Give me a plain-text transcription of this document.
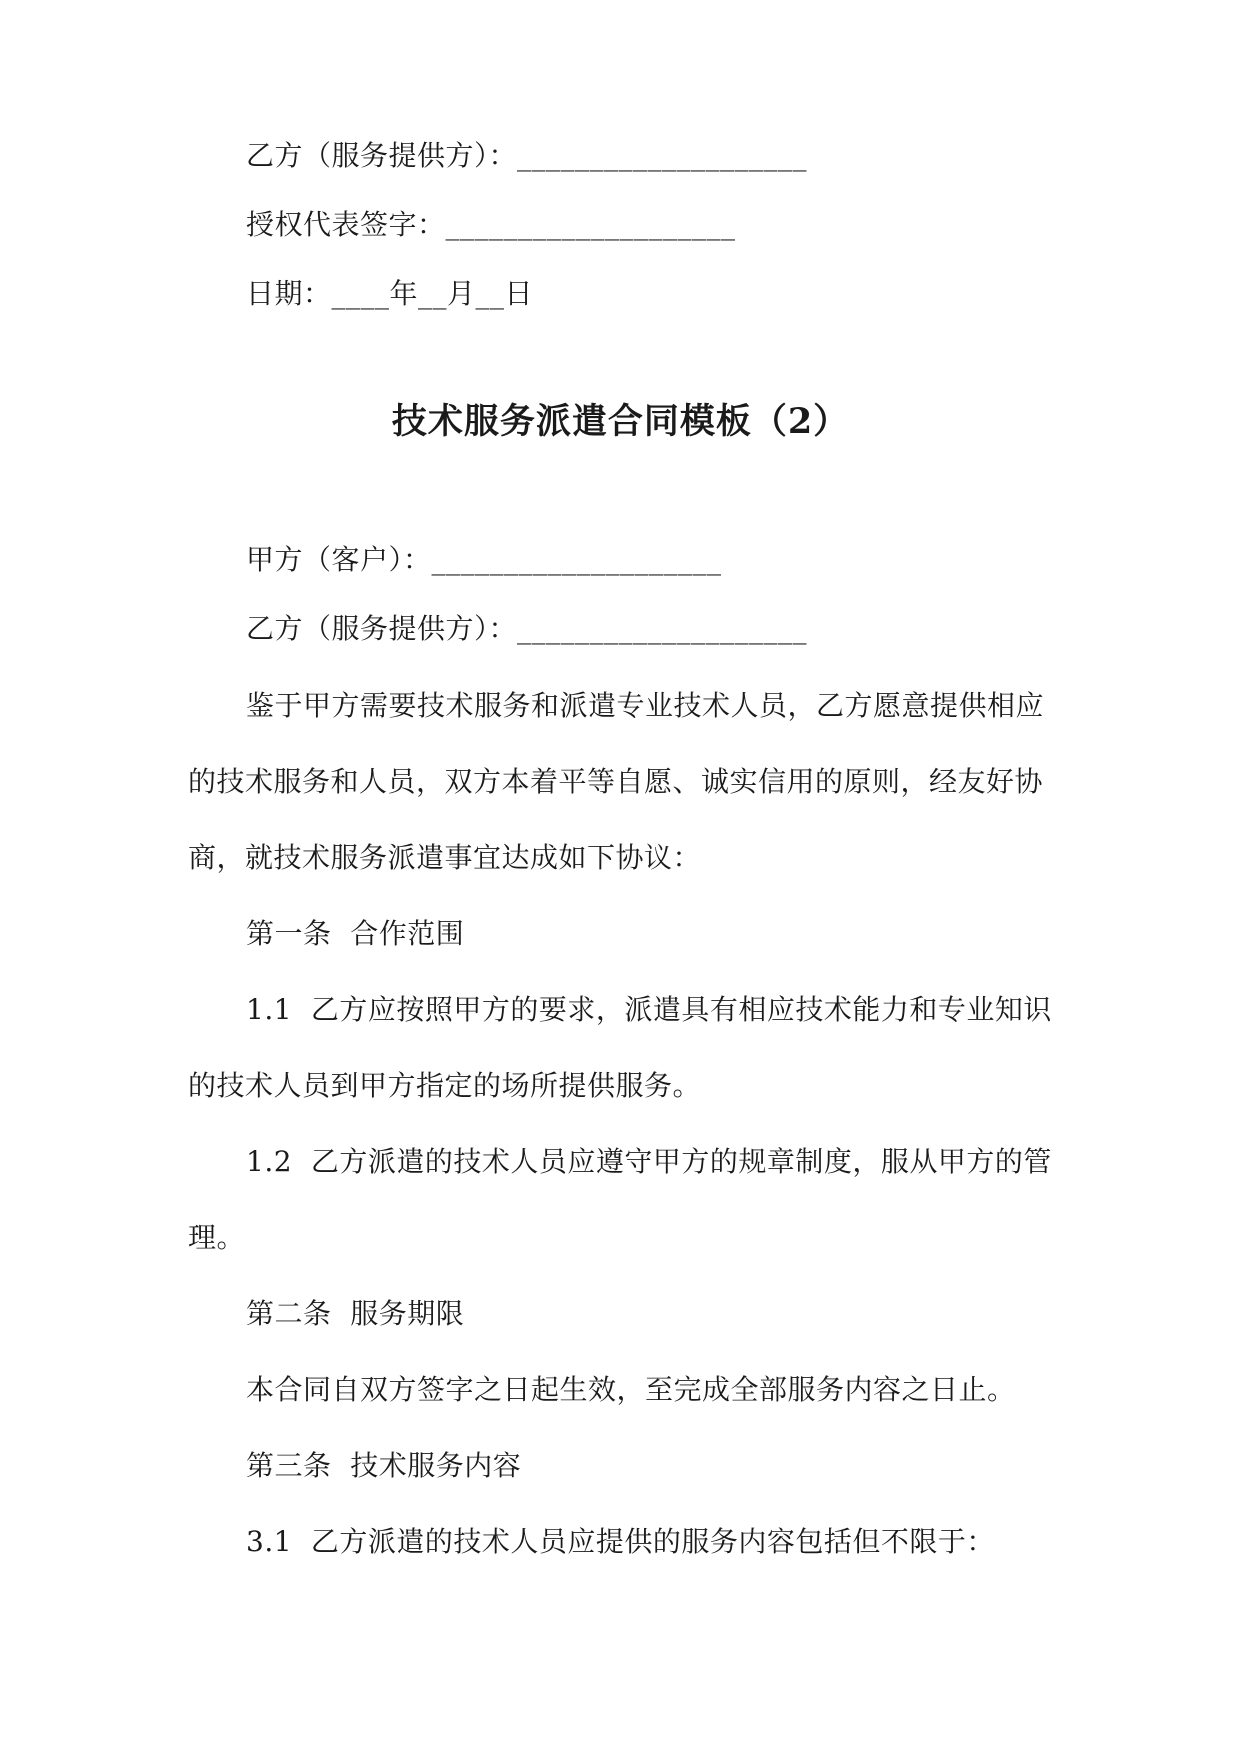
乙方（服务提供方）：____________________
授权代表签字：____________________
日期：____年__月__日
技术服务派遣合同模板（2）
甲方（客户）：____________________
乙方（服务提供方）：____________________
鉴于甲方需要技术服务和派遣专业技术人员，乙方愿意提供相应
的技术服务和人员，双方本着平等自愿、诚实信用的原则，经友好协
商，就技术服务派遣事宜达成如下协议：
第一条  合作范围
1.1  乙方应按照甲方的要求，派遣具有相应技术能力和专业知识
的技术人员到甲方指定的场所提供服务。
1.2  乙方派遣的技术人员应遵守甲方的规章制度，服从甲方的管
理。
第二条  服务期限
本合同自双方签字之日起生效，至完成全部服务内容之日止。
第三条  技术服务内容
3.1  乙方派遣的技术人员应提供的服务内容包括但不限于：
